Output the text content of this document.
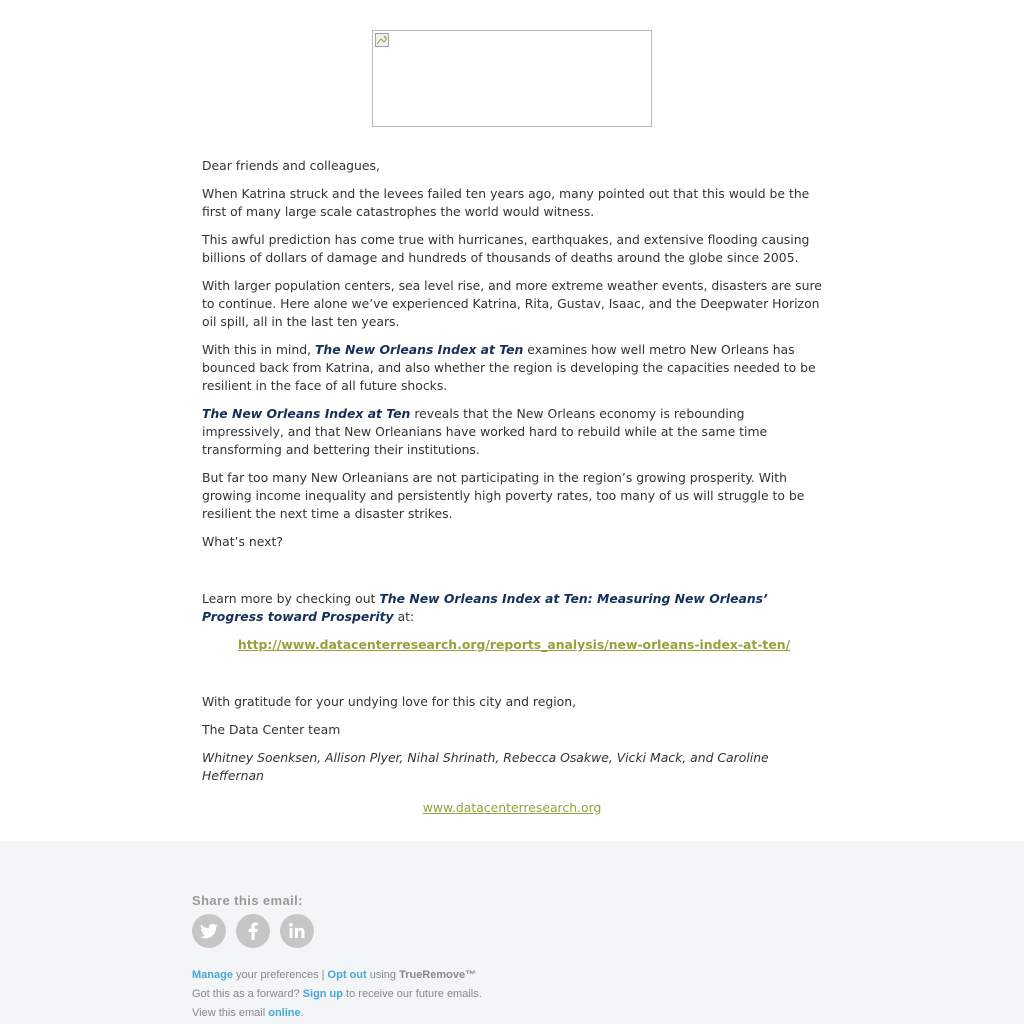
Dear friends and colleagues,

When Katrina struck and the levees failed ten years ago, many pointed out that this would be the first of many large scale catastrophes the world would witness.

This awful prediction has come true with hurricanes, earthquakes, and extensive flooding causing billions of dollars of damage and hundreds of thousands of deaths around the globe since 2005.

With larger population centers, sea level rise, and more extreme weather events, disasters are sure to continue. Here alone we’ve experienced Katrina, Rita, Gustav, Isaac, and the Deepwater Horizon oil spill, all in the last ten years.

With this in mind, The New Orleans Index at Ten examines how well metro New Orleans has bounced back from Katrina, and also whether the region is developing the capacities needed to be resilient in the face of all future shocks.

The New Orleans Index at Ten reveals that the New Orleans economy is rebounding impressively, and that New Orleanians have worked hard to rebuild while at the same time transforming and bettering their institutions.

But far too many New Orleanians are not participating in the region’s growing prosperity. With growing income inequality and persistently high poverty rates, too many of us will struggle to be resilient the next time a disaster strikes.

What’s next?

Learn more by checking out The New Orleans Index at Ten: Measuring New Orleans’ Progress toward Prosperity at:

http://www.datacenterresearch.org/reports_analysis/new-orleans-index-at-ten/

With gratitude for your undying love for this city and region,

The Data Center team

Whitney Soenksen, Allison Plyer, Nihal Shrinath, Rebecca Osakwe, Vicki Mack, and Caroline Heffernan

www.datacenterresearch.org
Share this email:
Manage your preferences | Opt out using TrueRemove™
Got this as a forward? Sign up to receive our future emails.
View this email online.
